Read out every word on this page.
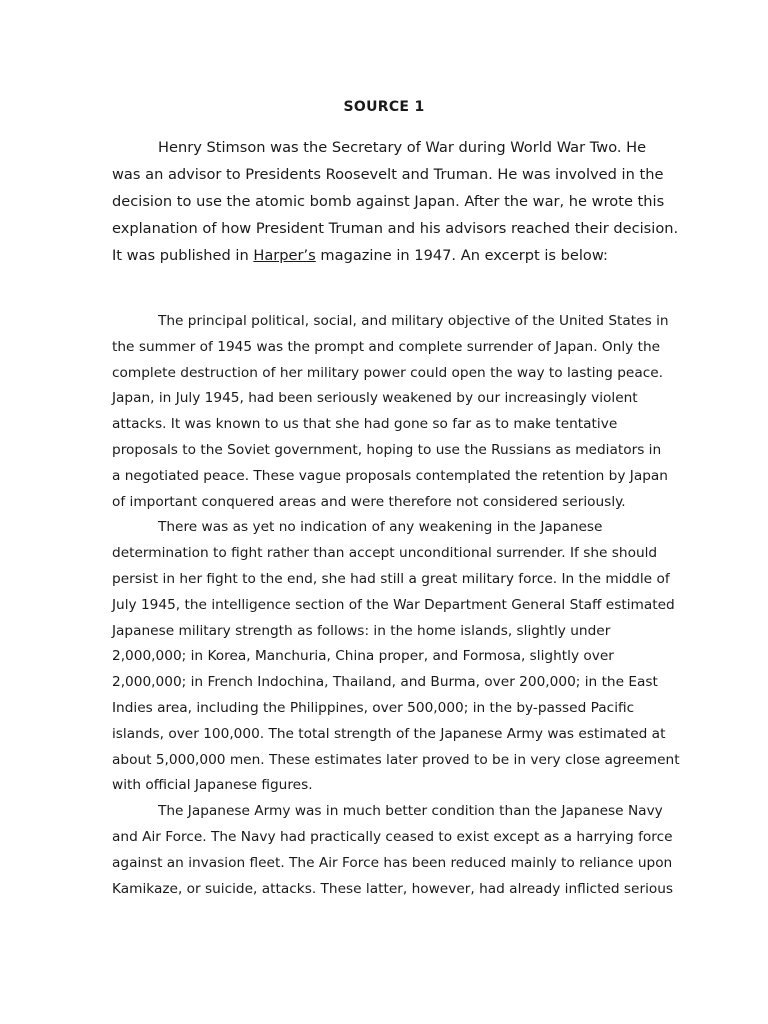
SOURCE 1
Henry Stimson was the Secretary of War during World War Two. He
was an advisor to Presidents Roosevelt and Truman. He was involved in the
decision to use the atomic bomb against Japan. After the war, he wrote this
explanation of how President Truman and his advisors reached their decision.
It was published in Harper’s magazine in 1947. An excerpt is below:
The principal political, social, and military objective of the United States in
the summer of 1945 was the prompt and complete surrender of Japan. Only the
complete destruction of her military power could open the way to lasting peace.
Japan, in July 1945, had been seriously weakened by our increasingly violent
attacks. It was known to us that she had gone so far as to make tentative
proposals to the Soviet government, hoping to use the Russians as mediators in
a negotiated peace. These vague proposals contemplated the retention by Japan
of important conquered areas and were therefore not considered seriously.
There was as yet no indication of any weakening in the Japanese
determination to fight rather than accept unconditional surrender. If she should
persist in her fight to the end, she had still a great military force. In the middle of
July 1945, the intelligence section of the War Department General Staff estimated
Japanese military strength as follows: in the home islands, slightly under
2,000,000; in Korea, Manchuria, China proper, and Formosa, slightly over
2,000,000; in French Indochina, Thailand, and Burma, over 200,000; in the East
Indies area, including the Philippines, over 500,000; in the by-passed Pacific
islands, over 100,000. The total strength of the Japanese Army was estimated at
about 5,000,000 men. These estimates later proved to be in very close agreement
with official Japanese figures.
The Japanese Army was in much better condition than the Japanese Navy
and Air Force. The Navy had practically ceased to exist except as a harrying force
against an invasion fleet. The Air Force has been reduced mainly to reliance upon
Kamikaze, or suicide, attacks. These latter, however, had already inflicted serious
